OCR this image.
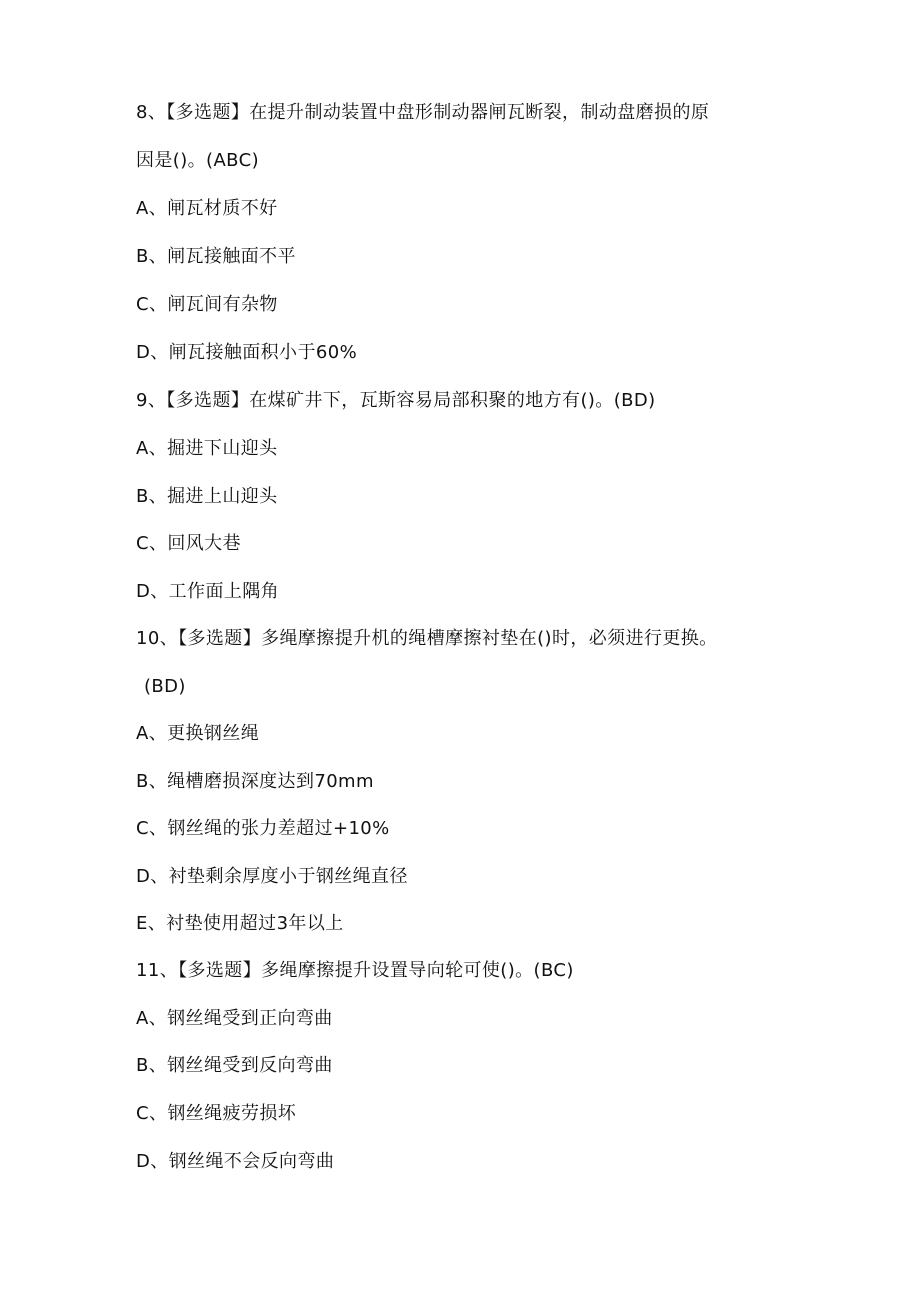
8、【多选题】在提升制动装置中盘形制动器闸瓦断裂，制动盘磨损的原
因是()。(ABC)
A、闸瓦材质不好
B、闸瓦接触面不平
C、闸瓦间有杂物
D、闸瓦接触面积小于60%
9、【多选题】在煤矿井下，瓦斯容易局部积聚的地方有()。(BD)
A、掘进下山迎头
B、掘进上山迎头
C、回风大巷
D、工作面上隅角
10、【多选题】多绳摩擦提升机的绳槽摩擦衬垫在()时，必须进行更换。
(BD)
A、更换钢丝绳
B、绳槽磨损深度达到70mm
C、钢丝绳的张力差超过+10%
D、衬垫剩余厚度小于钢丝绳直径
E、衬垫使用超过3年以上
11、【多选题】多绳摩擦提升设置导向轮可使()。(BC)
A、钢丝绳受到正向弯曲
B、钢丝绳受到反向弯曲
C、钢丝绳疲劳损坏
D、钢丝绳不会反向弯曲
